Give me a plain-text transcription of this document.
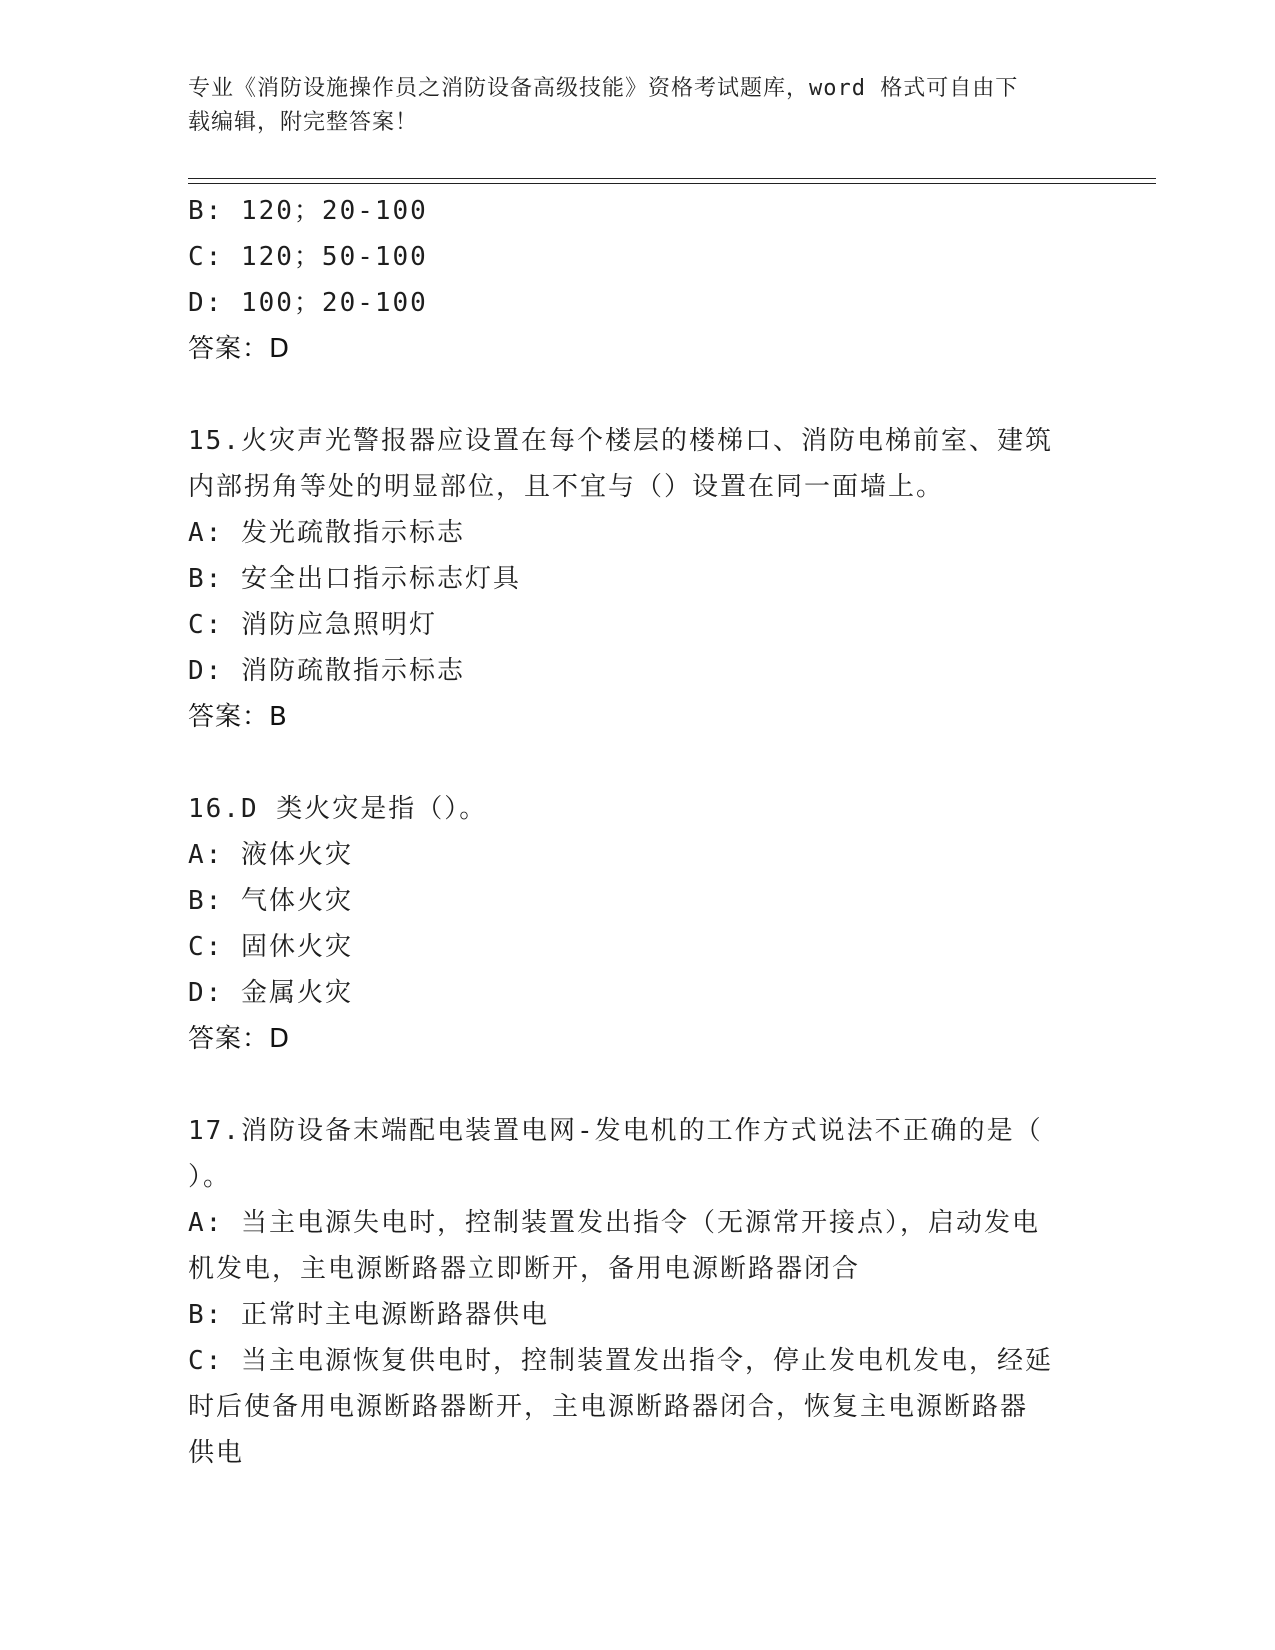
专业《消防设施操作员之消防设备高级技能》资格考试题库，word 格式可自由下
载编辑，附完整答案！
B: 120；20-100
C: 120；50-100
D: 100；20-100
答案：D
15.火灾声光警报器应设置在每个楼层的楼梯口、消防电梯前室、建筑
内部拐角等处的明显部位，且不宜与（）设置在同一面墙上。
A: 发光疏散指示标志
B: 安全出口指示标志灯具
C: 消防应急照明灯
D: 消防疏散指示标志
答案：B
16.D 类火灾是指（）。
A: 液体火灾
B: 气体火灾
C: 固休火灾
D: 金属火灾
答案：D
17.消防设备末端配电装置电网-发电机的工作方式说法不正确的是（
）。
A: 当主电源失电时，控制装置发出指令（无源常开接点），启动发电
机发电，主电源断路器立即断开，备用电源断路器闭合
B: 正常时主电源断路器供电
C: 当主电源恢复供电时，控制装置发出指令，停止发电机发电，经延
时后使备用电源断路器断开，主电源断路器闭合，恢复主电源断路器
供电
